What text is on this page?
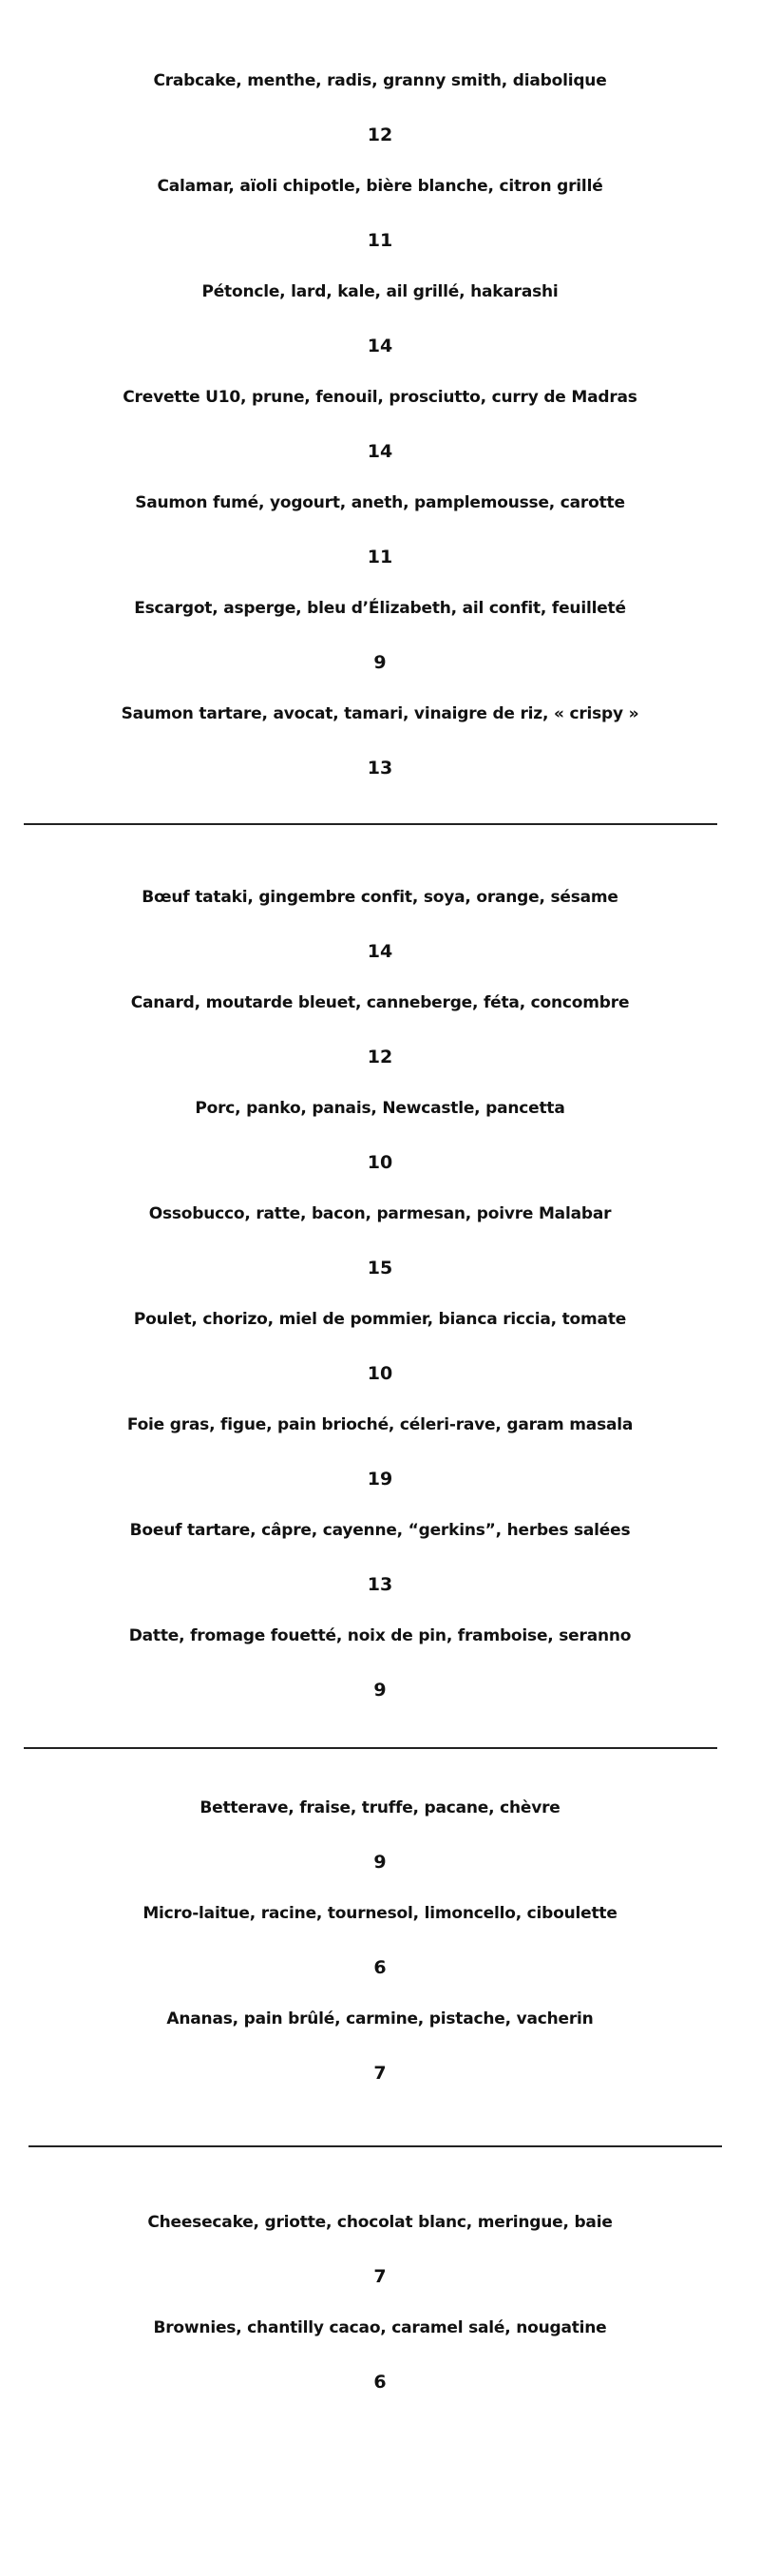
Crabcake, menthe, radis, granny smith, diabolique
12
Calamar, aïoli chipotle, bière blanche, citron grillé
11
Pétoncle, lard, kale, ail grillé, hakarashi
14
Crevette U10, prune, fenouil, prosciutto, curry de Madras
14
Saumon fumé, yogourt, aneth, pamplemousse, carotte
11
Escargot, asperge, bleu d’Élizabeth, ail confit, feuilleté
9
Saumon tartare, avocat, tamari, vinaigre de riz, « crispy »
13
Bœuf tataki, gingembre confit, soya, orange, sésame
14
Canard, moutarde bleuet, canneberge, féta, concombre
12
Porc, panko, panais, Newcastle, pancetta
10
Ossobucco, ratte, bacon, parmesan, poivre Malabar
15
Poulet, chorizo, miel de pommier, bianca riccia, tomate
10
Foie gras, figue, pain brioché, céleri-rave, garam masala
19
Boeuf tartare, câpre, cayenne, “gerkins”, herbes salées
13
Datte, fromage fouetté, noix de pin, framboise, seranno
9
Betterave, fraise, truffe, pacane, chèvre
9
Micro-laitue, racine, tournesol, limoncello, ciboulette
6
Ananas, pain brûlé, carmine, pistache, vacherin
7
Cheesecake, griotte, chocolat blanc, meringue, baie
7
Brownies, chantilly cacao, caramel salé, nougatine
6
